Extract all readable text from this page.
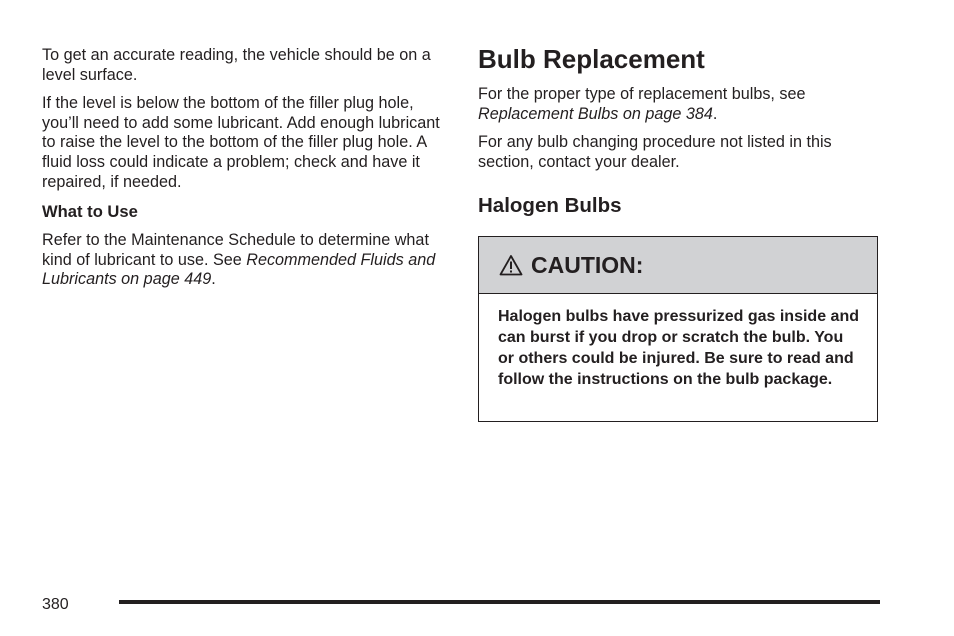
To get an accurate reading, the vehicle should be on a level surface.

If the level is below the bottom of the filler plug hole, you’ll need to add some lubricant. Add enough lubricant to raise the level to the bottom of the filler plug hole. A fluid loss could indicate a problem; check and have it repaired, if needed.

What to Use

Refer to the Maintenance Schedule to determine what kind of lubricant to use. See Recommended Fluids and Lubricants on page 449.

Bulb Replacement

For the proper type of replacement bulbs, see Replacement Bulbs on page 384.

For any bulb changing procedure not listed in this section, contact your dealer.

Halogen Bulbs
CAUTION:
Halogen bulbs have pressurized gas inside and can burst if you drop or scratch the bulb. You or others could be injured. Be sure to read and follow the instructions on the bulb package.
380
